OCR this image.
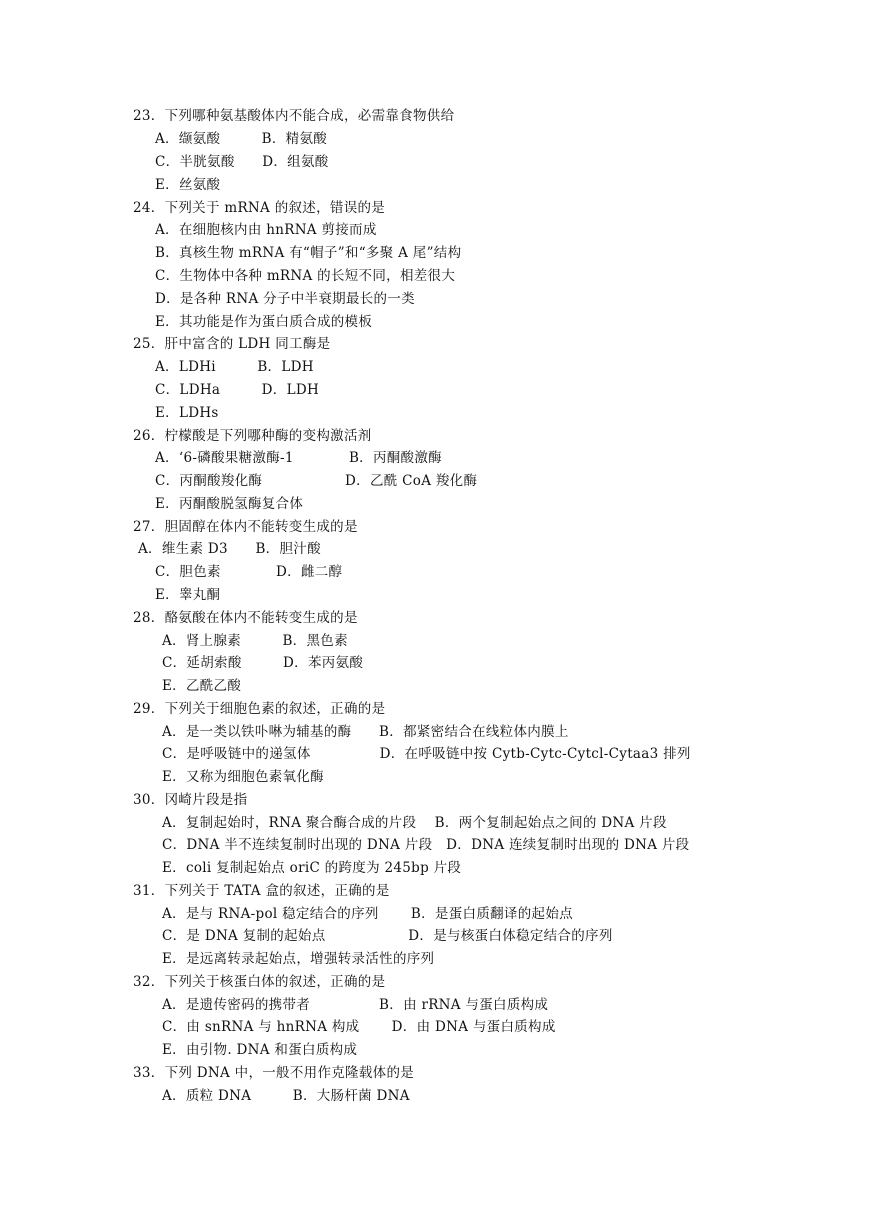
23．下列哪种氨基酸体内不能合成，必需靠食物供给
A．缬氨酸　　　B．精氨酸
C．半胱氨酸　　D．组氨酸
E．丝氨酸
24．下列关于 mRNA 的叙述，错误的是
A．在细胞核内由 hnRNA 剪接而成
B．真核生物 mRNA 有“帽子”和“多聚 A 尾”结构
C．生物体中各种 mRNA 的长短不同，相差很大
D．是各种 RNA 分子中半衰期最长的一类
E．其功能是作为蛋白质合成的模板
25．肝中富含的 LDH 同工酶是
A．LDHi　　　B．LDH
C．LDHa　　　D．LDH
E．LDHs
26．柠檬酸是下列哪种酶的变构激活剂
A．‘6-磷酸果糖激酶-1　　　　B．丙酮酸激酶
C．丙酮酸羧化酶　　　　　　D．乙酰 CoA 羧化酶
E．丙酮酸脱氢酶复合体
27．胆固醇在体内不能转变生成的是
A．维生素 D3　　B．胆汁酸
C．胆色素　　　　D．雌二醇
E．睾丸酮
28．酪氨酸在体内不能转变生成的是
A．肾上腺素　　　B．黑色素
C．延胡索酸　　　D．苯丙氨酸
E．乙酰乙酸
29．下列关于细胞色素的叙述，正确的是
A．是一类以铁卟啉为辅基的酶　　B．都紧密结合在线粒体内膜上
C．是呼吸链中的递氢体　　　　　D．在呼吸链中按 Cytb-Cytc-Cytcl-Cytaa3 排列
E．又称为细胞色素氧化酶
30．冈崎片段是指
A．复制起始时，RNA 聚合酶合成的片段　 B．两个复制起始点之间的 DNA 片段
C．DNA 半不连续复制时出现的 DNA 片段　D．DNA 连续复制时出现的 DNA 片段
E．coli 复制起始点 oriC 的跨度为 245bp 片段
31．下列关于 TATA 盒的叙述，正确的是
A．是与 RNA-pol 稳定结合的序列　　 B．是蛋白质翻译的起始点
C．是 DNA 复制的起始点　　　　　　D．是与核蛋白体稳定结合的序列
E．是远离转录起始点，增强转录活性的序列
32．下列关于核蛋白体的叙述，正确的是
A．是遗传密码的携带者　　　　　B．由 rRNA 与蛋白质构成
C．由 snRNA 与 hnRNA 构成　　 D．由 DNA 与蛋白质构成
E．由引物. DNA 和蛋白质构成
33．下列 DNA 中，一般不用作克隆载体的是
A．质粒 DNA　　　B．大肠杆菌 DNA
